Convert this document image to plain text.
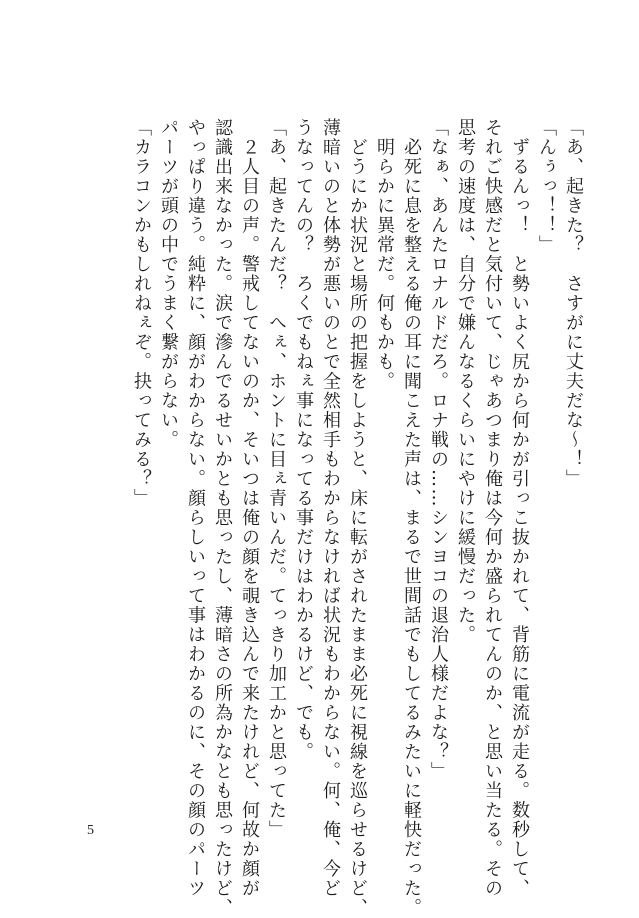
「あ、起きた？　さすがに丈夫だな〜！」

「んぅっ！！」

　ずるんっ！　と勢いよく尻から何かが引っこ抜かれて、背筋に電流が走る。数秒して、

それご快感だと気付いて、じゃあつまり俺は今何か盛られてんのか、と思い当たる。その

思考の速度は、自分で嫌んなるくらいにやけに緩慢だった。

「なぁ、あんたロナルドだろ。ロナ戦の……シンヨコの退治人様だよな？」

　必死に息を整える俺の耳に聞こえた声は、まるで世間話でもしてるみたいに軽快だった。

　明らかに異常だ。何もかも。

　どうにか状況と場所の把握をしようと、床に転がされたまま必死に視線を巡らせるけど、

薄暗いのと体勢が悪いのとで全然相手もわからなければ状況もわからない。何、俺、今ど

うなってんの？　ろくでもねぇ事になってる事だけはわかるけど、でも。

「あ、起きたんだ？　へぇ、ホントに目ぇ青いんだ。てっきり加工かと思ってた」

　２人目の声。警戒してないのか、そいつは俺の顔を覗き込んで来たけれど、何故か顔が

認識出来なかった。涙で滲んでるせいかとも思ったし、薄暗さの所為かなとも思ったけど、

やっぱり違う。純粋に、顔がわからない。顔らしいって事はわかるのに、その顔のパーツ

パーツが頭の中でうまく繋がらない。

「カラコンかもしれねぇぞ。抉ってみる？」

5
